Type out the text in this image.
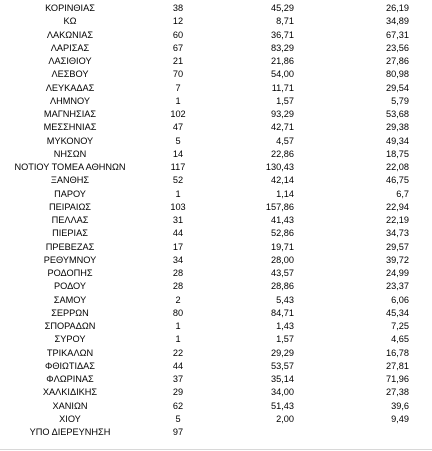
ΚΟΡΙΝΘΙΑΣ	38	45,29	26,19
ΚΩ	12	8,71	34,89
ΛΑΚΩΝΙΑΣ	60	36,71	67,31
ΛΑΡΙΣΑΣ	67	83,29	23,56
ΛΑΣΙΘΙΟΥ	21	21,86	27,86
ΛΕΣΒΟΥ	70	54,00	80,98
ΛΕΥΚΑΔΑΣ	7	11,71	29,54
ΛΗΜΝΟΥ	1	1,57	5,79
ΜΑΓΝΗΣΙΑΣ	102	93,29	53,68
ΜΕΣΣΗΝΙΑΣ	47	42,71	29,38
ΜΥΚΟΝΟΥ	5	4,57	49,34
ΝΗΣΩΝ	14	22,86	18,75
ΝΟΤΙΟΥ ΤΟΜΕΑ ΑΘΗΝΩΝ	117	130,43	22,08
ΞΑΝΘΗΣ	52	42,14	46,75
ΠΑΡΟΥ	1	1,14	6,7
ΠΕΙΡΑΙΩΣ	103	157,86	22,94
ΠΕΛΛΑΣ	31	41,43	22,19
ΠΙΕΡΙΑΣ	44	52,86	34,73
ΠΡΕΒΕΖΑΣ	17	19,71	29,57
ΡΕΘΥΜΝΟΥ	34	28,00	39,72
ΡΟΔΟΠΗΣ	28	43,57	24,99
ΡΟΔΟΥ	28	28,86	23,37
ΣΑΜΟΥ	2	5,43	6,06
ΣΕΡΡΩΝ	80	84,71	45,34
ΣΠΟΡΑΔΩΝ	1	1,43	7,25
ΣΥΡΟΥ	1	1,57	4,65
ΤΡΙΚΑΛΩΝ	22	29,29	16,78
ΦΘΙΩΤΙΔΑΣ	44	53,57	27,81
ΦΛΩΡΙΝΑΣ	37	35,14	71,96
ΧΑΛΚΙΔΙΚΗΣ	29	34,00	27,38
ΧΑΝΙΩΝ	62	51,43	39,6
ΧΙΟΥ	5	2,00	9,49
ΥΠΟ ΔΙΕΡΕΥΝΗΣΗ	97
